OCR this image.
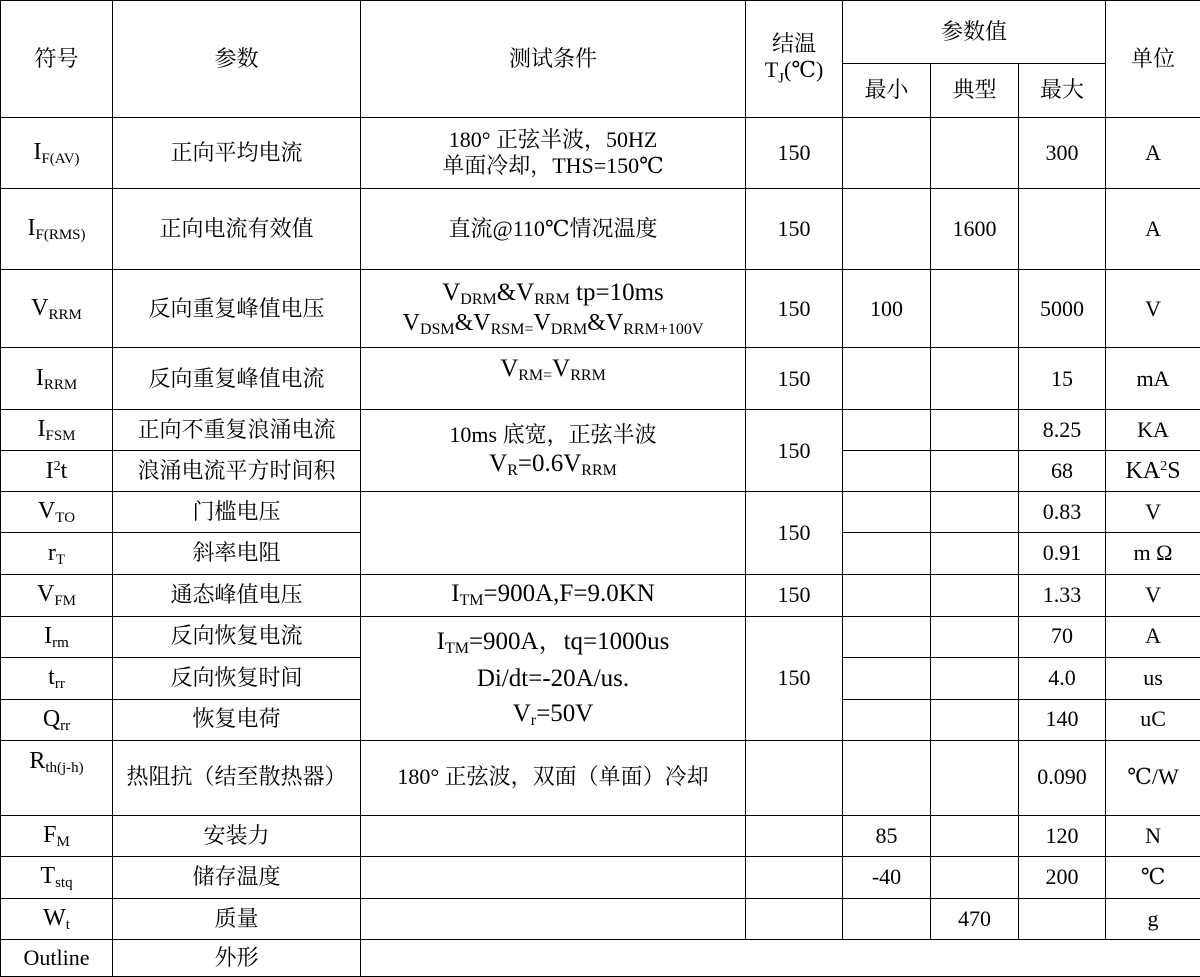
符号	参数	测试条件	结温
$T_J(℃)$	参数值			单位
				最小	典型	最大	
$I_{F(AV)}$	正向平均电流	180° 正弦半波，50HZ
单面冷却，THS=150℃	150			300	A
$I_{F(RMS)}$	正向电流有效值	直流@110℃情况温度	150		1600		A
$V_{RRM}$	反向重复峰值电压	$V_{DRM}\&V_{RRM}$ tp=10ms
$V_{DSM}\&V_{RSM=}V_{DRM}\&V_{RRM+100V}$	150	100		5000	V
$I_{RRM}$	反向重复峰值电流	$V_{RM=}V_{RRM}$	150			15	mA
$I_{FSM}$	正向不重复浪涌电流	10ms 底宽，正弦半波
$V_R=0.6V_{RRM}$	150			8.25	KA
$I^2t$	浪涌电流平方时间积					68	$KA^2S$
$V_{TO}$	门槛电压		150			0.83	V
$r_T$	斜率电阻					0.91	m Ω
$V_{FM}$	通态峰值电压	$I_{TM}=900A,F=9.0KN$	150			1.33	V
$I_{rm}$	反向恢复电流	$I_{TM}=900A$，tq=1000us
Di/dt=-20A/us.
$V_r=50V$	150			70	A
$t_{rr}$	反向恢复时间					4.0	us
$Q_{rr}$	恢复电荷					140	uC
$R_{th(j-h)}$	热阻抗（结至散热器）	180° 正弦波，双面（单面）冷却				0.090	℃/W
$F_M$	安装力			85		120	N
$T_{stq}$	储存温度			-40		200	℃
$W_t$	质量				470		g
Outline	外形						
